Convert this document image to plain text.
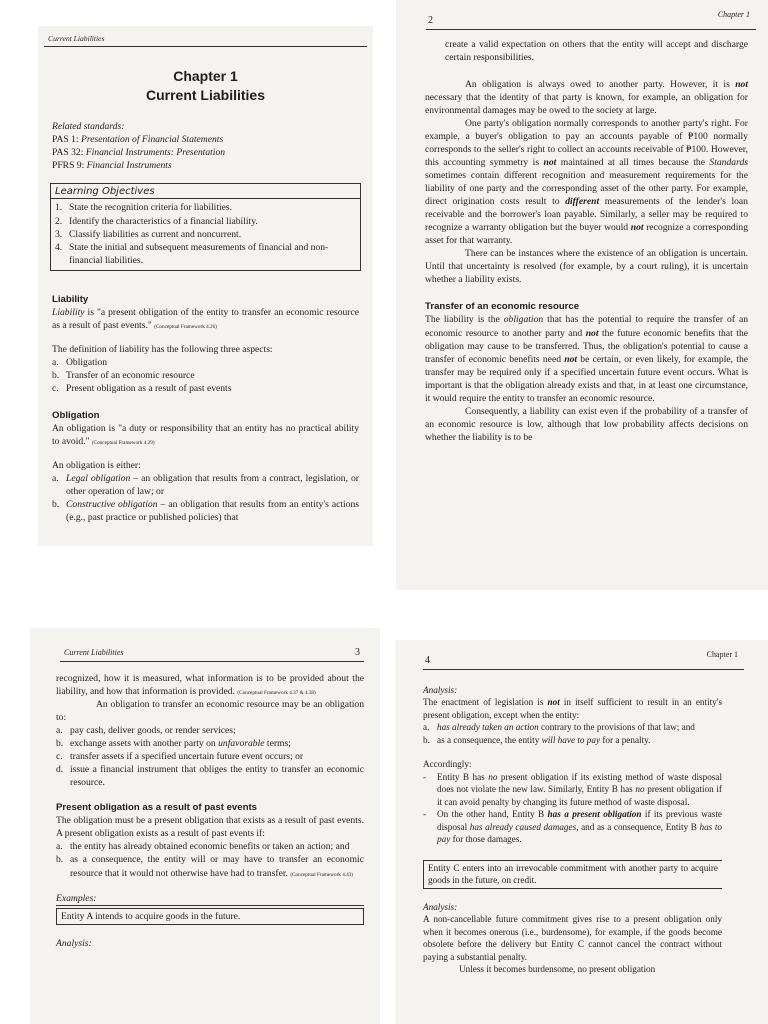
Current Liabilities
Chapter 1
Current Liabilities
Related standards:
PAS 1: Presentation of Financial Statements
PAS 32: Financial Instruments: Presentation
PFRS 9: Financial Instruments
Learning Objectives
1. State the recognition criteria for liabilities.
2. Identify the characteristics of a financial liability.
3. Classify liabilities as current and noncurrent.
4. State the initial and subsequent measurements of financial and non-financial liabilities.
Liability
Liability is "a present obligation of the entity to transfer an economic resource as a result of past events." (Conceptual Framework 4.26)
The definition of liability has the following three aspects:
a. Obligation
b. Transfer of an economic resource
c. Present obligation as a result of past events
Obligation
An obligation is "a duty or responsibility that an entity has no practical ability to avoid." (Conceptual Framework 4.29)
An obligation is either:
a. Legal obligation – an obligation that results from a contract, legislation, or other operation of law; or
b. Constructive obligation – an obligation that results from an entity's actions (e.g., past practice or published policies) that
2
Chapter 1
create a valid expectation on others that the entity will accept and discharge certain responsibilities.
An obligation is always owed to another party. However, it is not necessary that the identity of that party is known, for example, an obligation for environmental damages may be owed to the society at large.
One party's obligation normally corresponds to another party's right. For example, a buyer's obligation to pay an accounts payable of ₱100 normally corresponds to the seller's right to collect an accounts receivable of ₱100. However, this accounting symmetry is not maintained at all times because the Standards sometimes contain different recognition and measurement requirements for the liability of one party and the corresponding asset of the other party. For example, direct origination costs result to different measurements of the lender's loan receivable and the borrower's loan payable. Similarly, a seller may be required to recognize a warranty obligation but the buyer would not recognize a corresponding asset for that warranty.
There can be instances where the existence of an obligation is uncertain. Until that uncertainty is resolved (for example, by a court ruling), it is uncertain whether a liability exists.
Transfer of an economic resource
The liability is the obligation that has the potential to require the transfer of an economic resource to another party and not the future economic benefits that the obligation may cause to be transferred. Thus, the obligation's potential to cause a transfer of economic benefits need not be certain, or even likely, for example, the transfer may be required only if a specified uncertain future event occurs. What is important is that the obligation already exists and that, in at least one circumstance, it would require the entity to transfer an economic resource.
Consequently, a liability can exist even if the probability of a transfer of an economic resource is low, although that low probability affects decisions on whether the liability is to be
Current Liabilities	3
recognized, how it is measured, what information is to be provided about the liability, and how that information is provided. (Conceptual Framework 4.37 & 4.38)
An obligation to transfer an economic resource may be an obligation to:
a. pay cash, deliver goods, or render services;
b. exchange assets with another party on unfavorable terms;
c. transfer assets if a specified uncertain future event occurs; or
d. issue a financial instrument that obliges the entity to transfer an economic resource.
Present obligation as a result of past events
The obligation must be a present obligation that exists as a result of past events. A present obligation exists as a result of past events if:
a. the entity has already obtained economic benefits or taken an action; and
b. as a consequence, the entity will or may have to transfer an economic resource that it would not otherwise have had to transfer. (Conceptual Framework 4.43)
Examples:
Entity A intends to acquire goods in the future.
Analysis:
4
Chapter 1
Analysis:
The enactment of legislation is not in itself sufficient to result in an entity's present obligation, except when the entity:
a. has already taken an action contrary to the provisions of that law; and
b. as a consequence, the entity will have to pay for a penalty.
Accordingly:
-	Entity B has no present obligation if its existing method of waste disposal does not violate the new law. Similarly, Entity B has no present obligation if it can avoid penalty by changing its future method of waste disposal.
-	On the other hand, Entity B has a present obligation if its previous waste disposal has already caused damages, and as a consequence, Entity B has to pay for those damages.
Entity C enters into an irrevocable commitment with another party to acquire goods in the future, on credit.
Analysis:
A non-cancellable future commitment gives rise to a present obligation only when it becomes onerous (i.e., burdensome), for example, if the goods become obsolete before the delivery but Entity C cannot cancel the contract without paying a substantial penalty.
Unless it becomes burdensome, no present obligation
